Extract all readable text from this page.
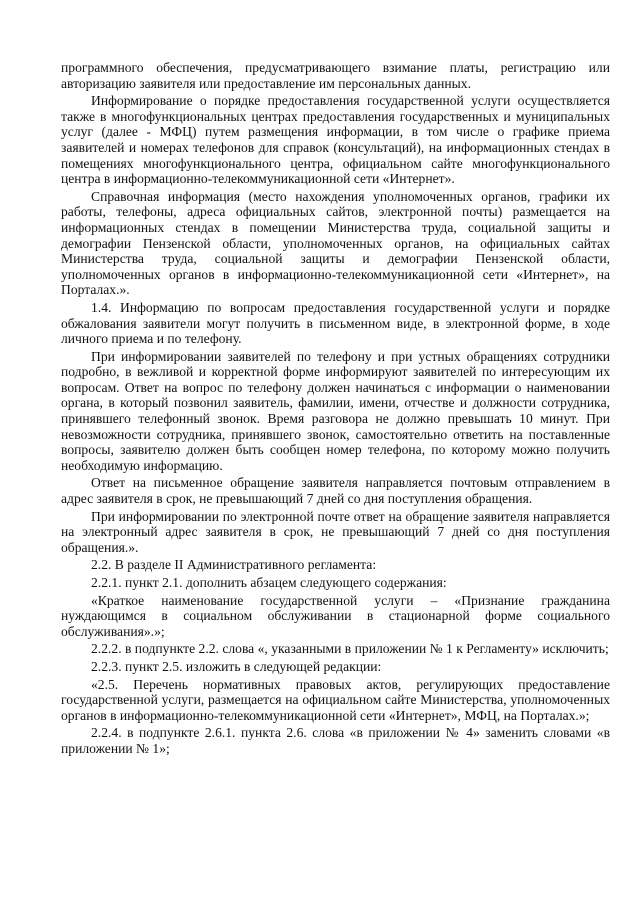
программного обеспечения, предусматривающего взимание платы, регистрацию или авторизацию заявителя или предоставление им персональных данных.

Информирование о порядке предоставления государственной услуги осуществляется также в многофункциональных центрах предоставления государственных и муниципальных услуг (далее - МФЦ) путем размещения информации, в том числе о графике приема заявителей и номерах телефонов для справок (консультаций), на информационных стендах в помещениях многофункционального центра, официальном сайте многофункционального центра в информационно-телекоммуникационной сети «Интернет».

Справочная информация (место нахождения уполномоченных органов, графики их работы, телефоны, адреса официальных сайтов, электронной почты) размещается на информационных стендах в помещении Министерства труда, социальной защиты и демографии Пензенской области, уполномоченных органов, на официальных сайтах Министерства труда, социальной защиты и демографии Пензенской области, уполномоченных органов в информационно-телекоммуникационной сети «Интернет», на Порталах.».

1.4. Информацию по вопросам предоставления государственной услуги и порядке обжалования заявители могут получить в письменном виде, в электронной форме, в ходе личного приема и по телефону.

При информировании заявителей по телефону и при устных обращениях сотрудники подробно, в вежливой и корректной форме информируют заявителей по интересующим их вопросам. Ответ на вопрос по телефону должен начинаться с информации о наименовании органа, в который позвонил заявитель, фамилии, имени, отчестве и должности сотрудника, принявшего телефонный звонок. Время разговора не должно превышать 10 минут. При невозможности сотрудника, принявшего звонок, самостоятельно ответить на поставленные вопросы, заявителю должен быть сообщен номер телефона, по которому можно получить необходимую информацию.

Ответ на письменное обращение заявителя направляется почтовым отправлением в адрес заявителя в срок, не превышающий 7 дней со дня поступления обращения.

При информировании по электронной почте ответ на обращение заявителя направляется на электронный адрес заявителя в срок, не превышающий 7 дней со дня поступления обращения.».

2.2. В разделе II Административного регламента:

2.2.1. пункт 2.1. дополнить абзацем следующего содержания:

«Краткое наименование государственной услуги – «Признание гражданина нуждающимся в социальном обслуживании в стационарной форме социального обслуживания».»;

2.2.2. в подпункте 2.2. слова «, указанными в приложении № 1 к Регламенту» исключить;

2.2.3. пункт 2.5. изложить в следующей редакции:

«2.5. Перечень нормативных правовых актов, регулирующих предоставление государственной услуги, размещается на официальном сайте Министерства, уполномоченных органов в информационно-телекоммуникационной сети «Интернет», МФЦ, на Порталах.»;

2.2.4. в подпункте 2.6.1. пункта 2.6. слова «в приложении № 4» заменить словами «в приложении № 1»;
